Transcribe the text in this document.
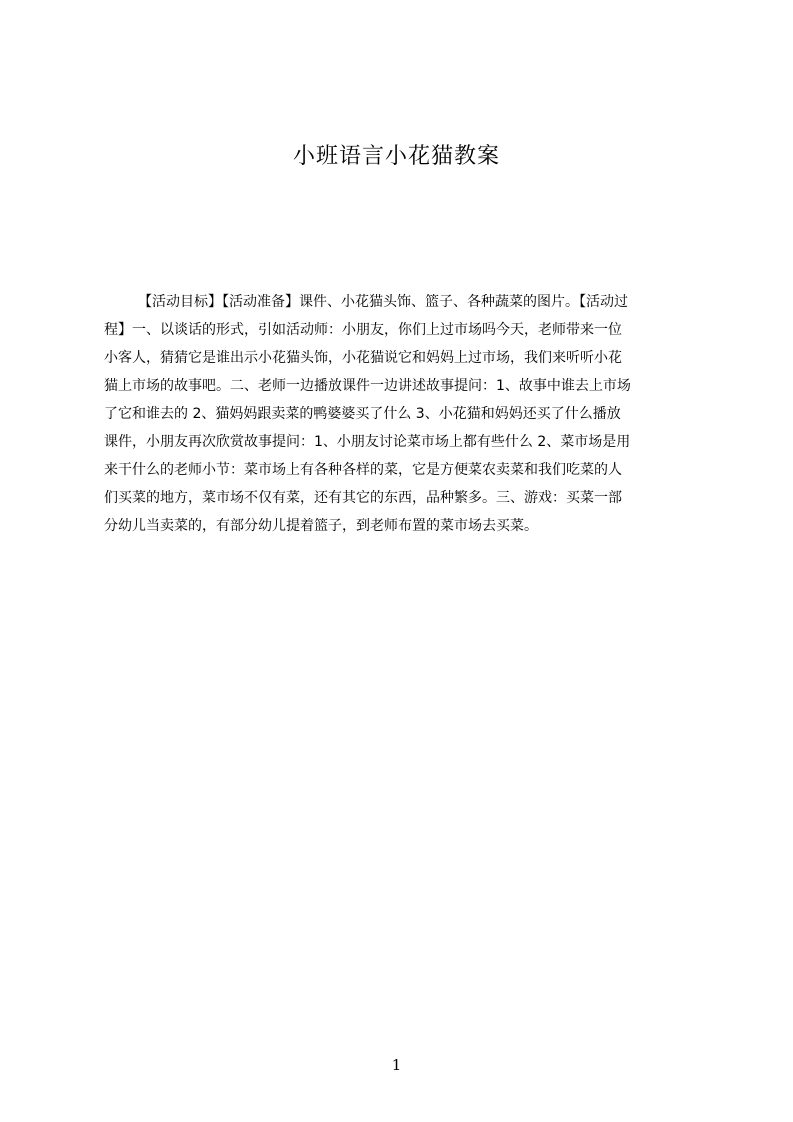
小班语言小花猫教案
【活动目标】【活动准备】课件、小花猫头饰、篮子、各种蔬菜的图片。【活动过
程】一、以谈话的形式，引如活动师：小朋友，你们上过市场吗今天，老师带来一位
小客人，猜猜它是谁出示小花猫头饰，小花猫说它和妈妈上过市场，我们来听听小花
猫上市场的故事吧。二、老师一边播放课件一边讲述故事提问：1、故事中谁去上市场
了它和谁去的 2、猫妈妈跟卖菜的鸭婆婆买了什么 3、小花猫和妈妈还买了什么播放
课件，小朋友再次欣赏故事提问：1、小朋友讨论菜市场上都有些什么 2、菜市场是用
来干什么的老师小节：菜市场上有各种各样的菜，它是方便菜农卖菜和我们吃菜的人
们买菜的地方，菜市场不仅有菜，还有其它的东西，品种繁多。三、游戏：买菜一部
分幼儿当卖菜的，有部分幼儿提着篮子，到老师布置的菜市场去买菜。
1
